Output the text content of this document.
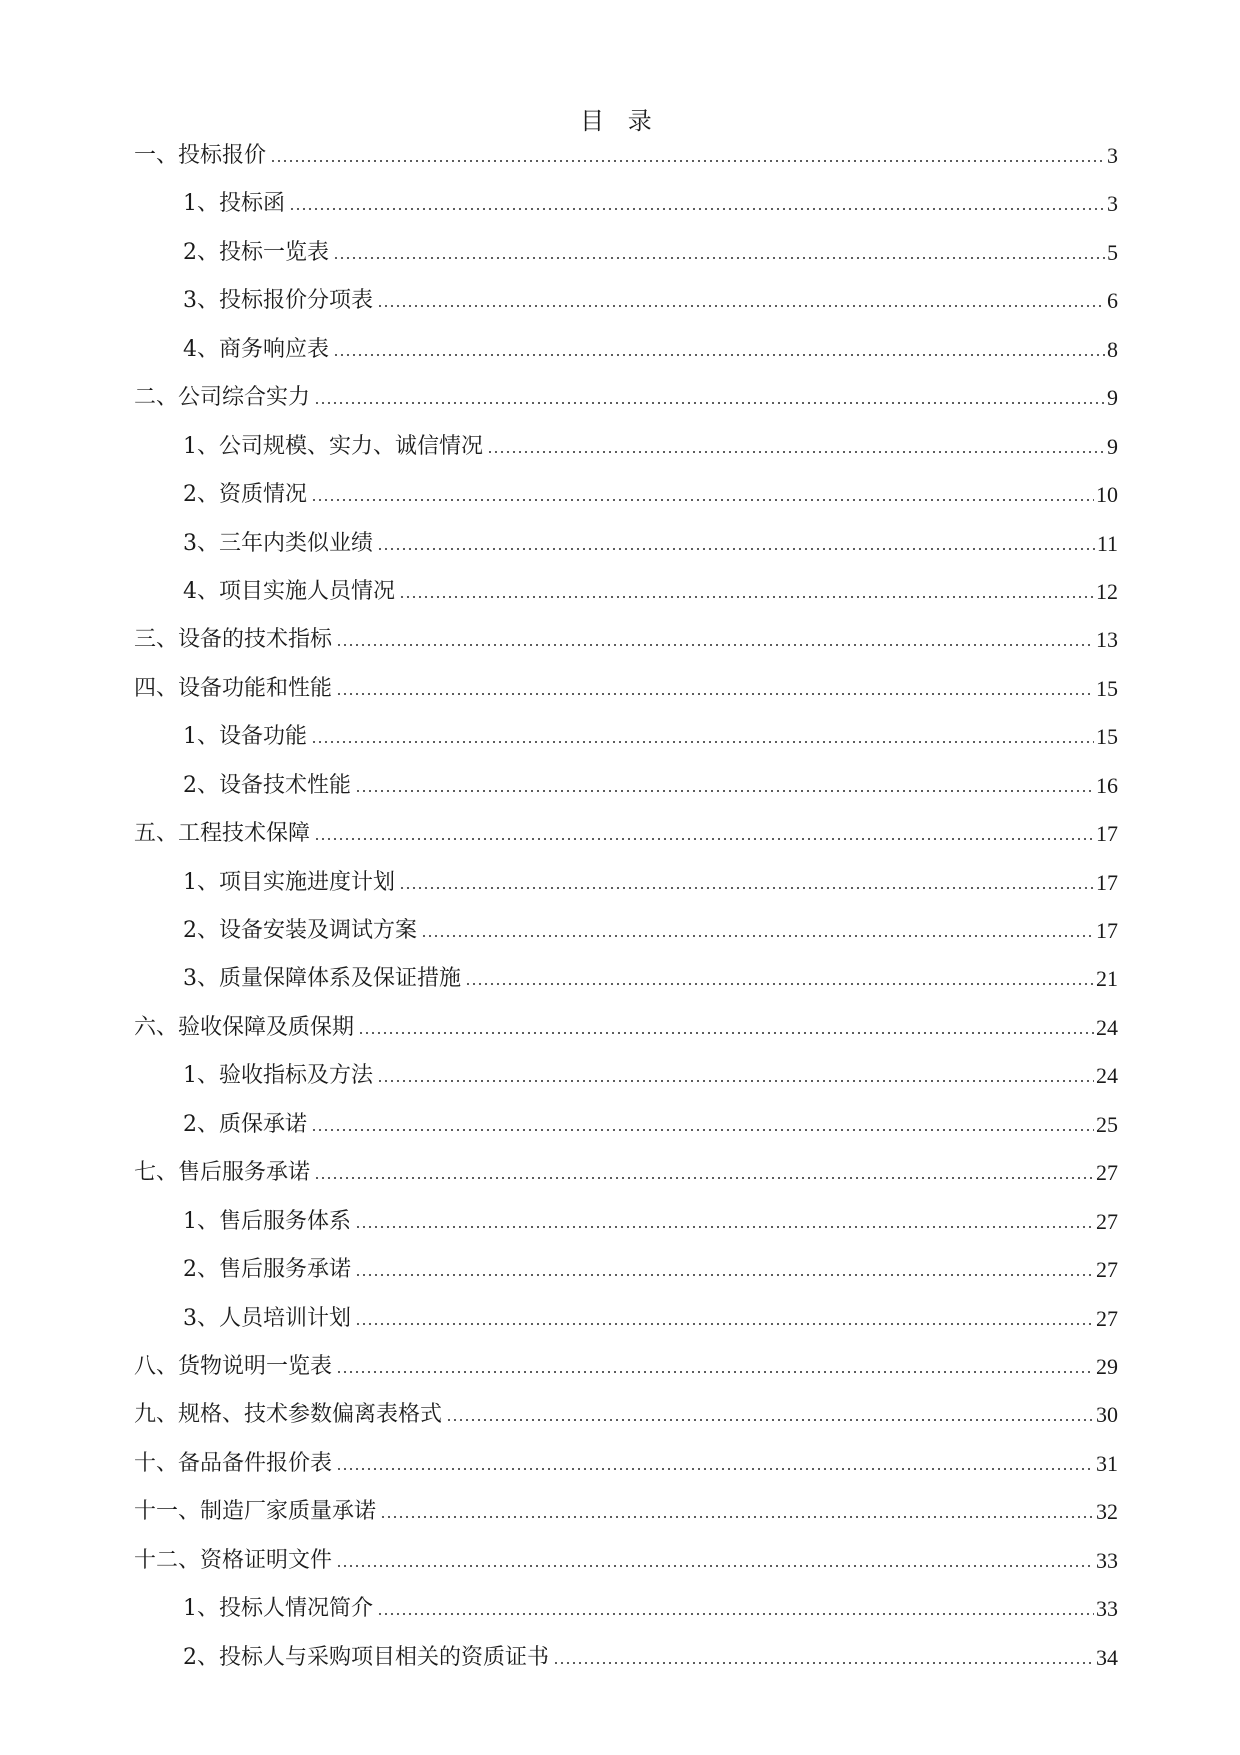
目 录
一、投标报价	3
1、投标函	3
2、投标一览表	5
3、投标报价分项表	6
4、商务响应表	8
二、公司综合实力	9
1、公司规模、实力、诚信情况	9
2、资质情况	10
3、三年内类似业绩	11
4、项目实施人员情况	12
三、设备的技术指标	13
四、设备功能和性能	15
1、设备功能	15
2、设备技术性能	16
五、工程技术保障	17
1、项目实施进度计划	17
2、设备安装及调试方案	17
3、质量保障体系及保证措施	21
六、验收保障及质保期	24
1、验收指标及方法	24
2、质保承诺	25
七、售后服务承诺	27
1、售后服务体系	27
2、售后服务承诺	27
3、人员培训计划	27
八、货物说明一览表	29
九、规格、技术参数偏离表格式	30
十、备品备件报价表	31
十一、制造厂家质量承诺	32
十二、资格证明文件	33
1、投标人情况简介	33
2、投标人与采购项目相关的资质证书	34
